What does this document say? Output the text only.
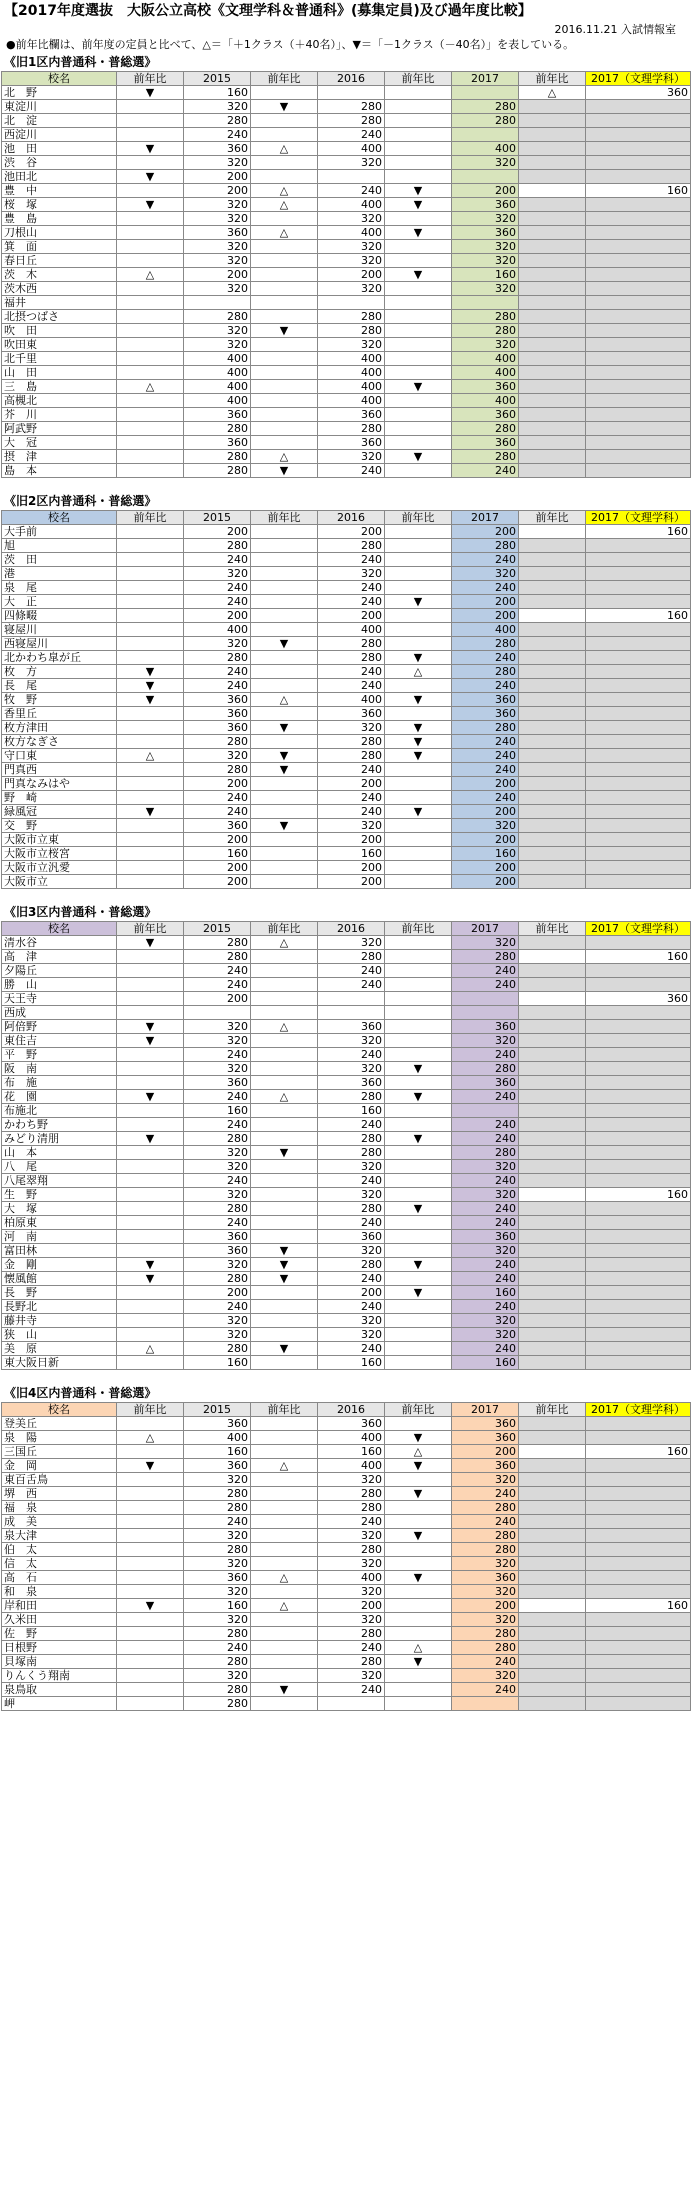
【2017年度選抜　大阪公立高校《文理学科＆普通科》(募集定員)及び過年度比較】
2016.11.21 入試情報室
●前年比欄は、前年度の定員と比べて、△＝「＋1クラス（＋40名）」、▼＝「－1クラス（－40名）」を表している。
《旧1区内普通科・普総選》
校名	前年比	2015	前年比	2016	前年比	2017	前年比	2017（文理学科）
北　野	▼	160					△	360
東淀川		320	▼	280		280		
北　淀		280		280		280		
西淀川		240		240				
池　田	▼	360	△	400		400		
渋　谷		320		320		320		
池田北	▼	200						
豊　中		200	△	240	▼	200		160
桜　塚	▼	320	△	400	▼	360		
豊　島		320		320		320		
刀根山		360	△	400	▼	360		
箕　面		320		320		320		
春日丘		320		320		320		
茨　木	△	200		200	▼	160		
茨木西		320		320		320		
福井								
北摂つばさ		280		280		280		
吹　田		320	▼	280		280		
吹田東		320		320		320		
北千里		400		400		400		
山　田		400		400		400		
三　島	△	400		400	▼	360		
高槻北		400		400		400		
芥　川		360		360		360		
阿武野		280		280		280		
大　冠		360		360		360		
摂　津		280	△	320	▼	280		
島　本		280	▼	240		240		
《旧2区内普通科・普総選》
校名	前年比	2015	前年比	2016	前年比	2017	前年比	2017（文理学科）
大手前		200		200		200		160
旭		280		280		280		
茨　田		240		240		240		
港		320		320		320		
泉　尾		240		240		240		
大　正		240		240	▼	200		
四條畷		200		200		200		160
寝屋川		400		400		400		
西寝屋川		320	▼	280		280		
北かわち皐が丘		280		280	▼	240		
枚　方	▼	240		240	△	280		
長　尾	▼	240		240		240		
牧　野	▼	360	△	400	▼	360		
香里丘		360		360		360		
枚方津田		360	▼	320	▼	280		
枚方なぎさ		280		280	▼	240		
守口東	△	320	▼	280	▼	240		
門真西		280	▼	240		240		
門真なみはや		200		200		200		
野　崎		240		240		240		
緑風冠	▼	240		240	▼	200		
交　野		360	▼	320		320		
大阪市立東		200		200		200		
大阪市立桜宮		160		160		160		
大阪市立汎愛		200		200		200		
大阪市立		200		200		200		
《旧3区内普通科・普総選》
校名	前年比	2015	前年比	2016	前年比	2017	前年比	2017（文理学科）
清水谷	▼	280	△	320		320		
高　津		280		280		280		160
夕陽丘		240		240		240		
勝　山		240		240		240		
天王寺		200						360
西成								
阿倍野	▼	320	△	360		360		
東住吉	▼	320		320		320		
平　野		240		240		240		
阪　南		320		320	▼	280		
布　施		360		360		360		
花　園	▼	240	△	280	▼	240		
布施北		160		160				
かわち野		240		240		240		
みどり清朋	▼	280		280	▼	240		
山　本		320	▼	280		280		
八　尾		320		320		320		
八尾翠翔		240		240		240		
生　野		320		320		320		160
大　塚		280		280	▼	240		
柏原東		240		240		240		
河　南		360		360		360		
富田林		360	▼	320		320		
金　剛	▼	320	▼	280	▼	240		
懐風館	▼	280	▼	240		240		
長　野		200		200	▼	160		
長野北		240		240		240		
藤井寺		320		320		320		
狭　山		320		320		320		
美　原	△	280	▼	240		240		
東大阪日新		160		160		160		
《旧4区内普通科・普総選》
校名	前年比	2015	前年比	2016	前年比	2017	前年比	2017（文理学科）
登美丘		360		360		360		
泉　陽	△	400		400	▼	360		
三国丘		160		160	△	200		160
金　岡	▼	360	△	400	▼	360		
東百舌鳥		320		320		320		
堺　西		280		280	▼	240		
福　泉		280		280		280		
成　美		240		240		240		
泉大津		320		320	▼	280		
伯　太		280		280		280		
信　太		320		320		320		
高　石		360	△	400	▼	360		
和　泉		320		320		320		
岸和田	▼	160	△	200		200		160
久米田		320		320		320		
佐　野		280		280		280		
日根野		240		240	△	280		
貝塚南		280		280	▼	240		
りんくう翔南		320		320		320		
泉鳥取		280	▼	240		240		
岬		280						
